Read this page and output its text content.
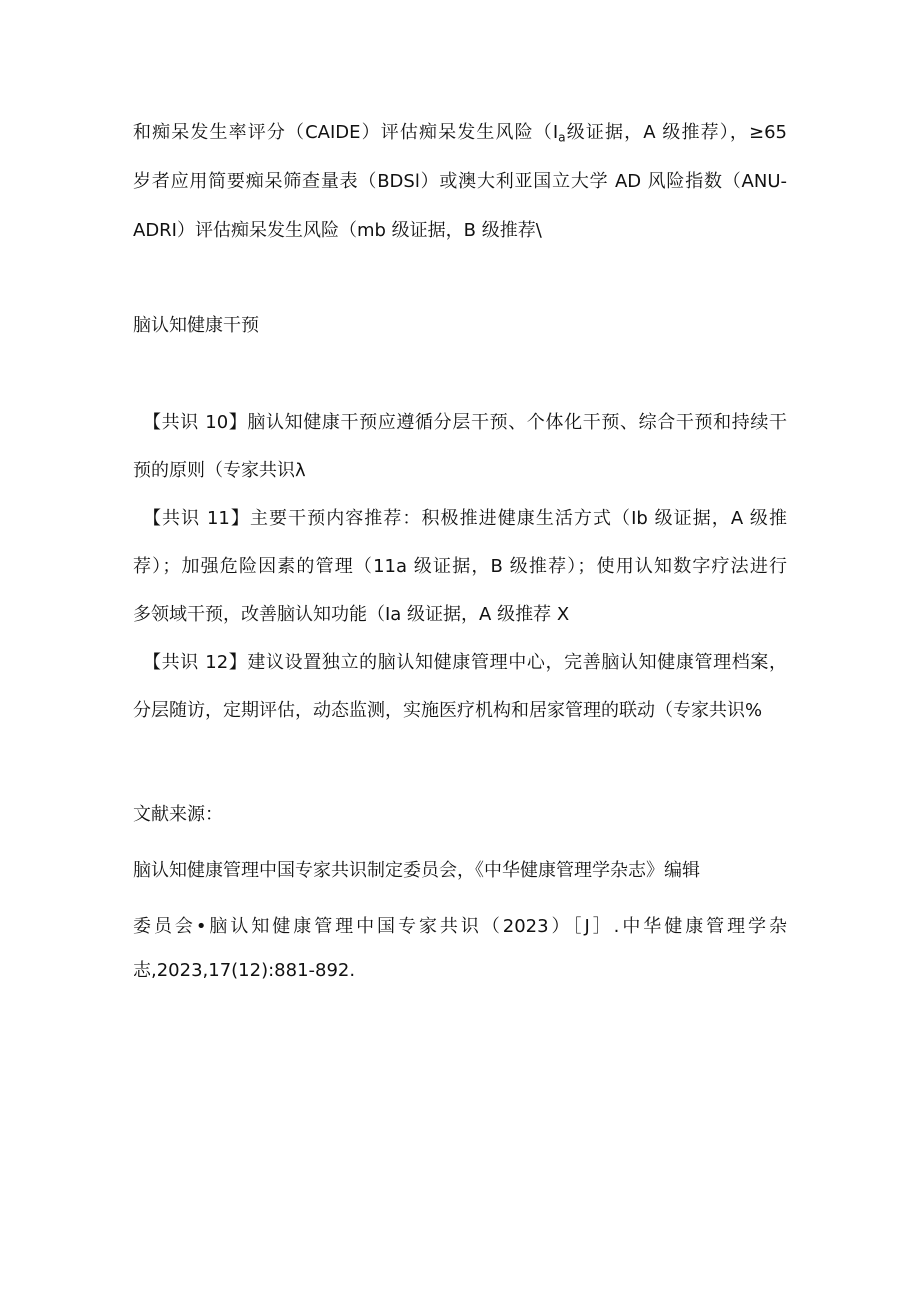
和痴呆发生率评分（CAIDE）评估痴呆发生风险（$I_a$级证据，A 级推荐），≥65
岁者应用简要痴呆筛查量表（BDSl）或澳大利亚国立大学 AD 风险指数（ANU-
ADRI）评估痴呆发生风险（mb 级证据，B 级推荐\
脑认知健康干预
【共识 10】脑认知健康干预应遵循分层干预、个体化干预、综合干预和持续干
预的原则（专家共识λ
【共识 11】主要干预内容推荐：积极推进健康生活方式（Ib 级证据，A 级推
荐）；加强危险因素的管理（11a 级证据，B 级推荐）；使用认知数字疗法进行
多领域干预，改善脑认知功能（Ia 级证据，A 级推荐 X
【共识 12】建议设置独立的脑认知健康管理中心，完善脑认知健康管理档案，
分层随访，定期评估，动态监测，实施医疗机构和居家管理的联动（专家共识%
文献来源：
脑认知健康管理中国专家共识制定委员会，《中华健康管理学杂志》编辑
委员会•脑认知健康管理中国专家共识（2023）［J］.中华健康管理学杂
志,2023,17(12):881-892.
